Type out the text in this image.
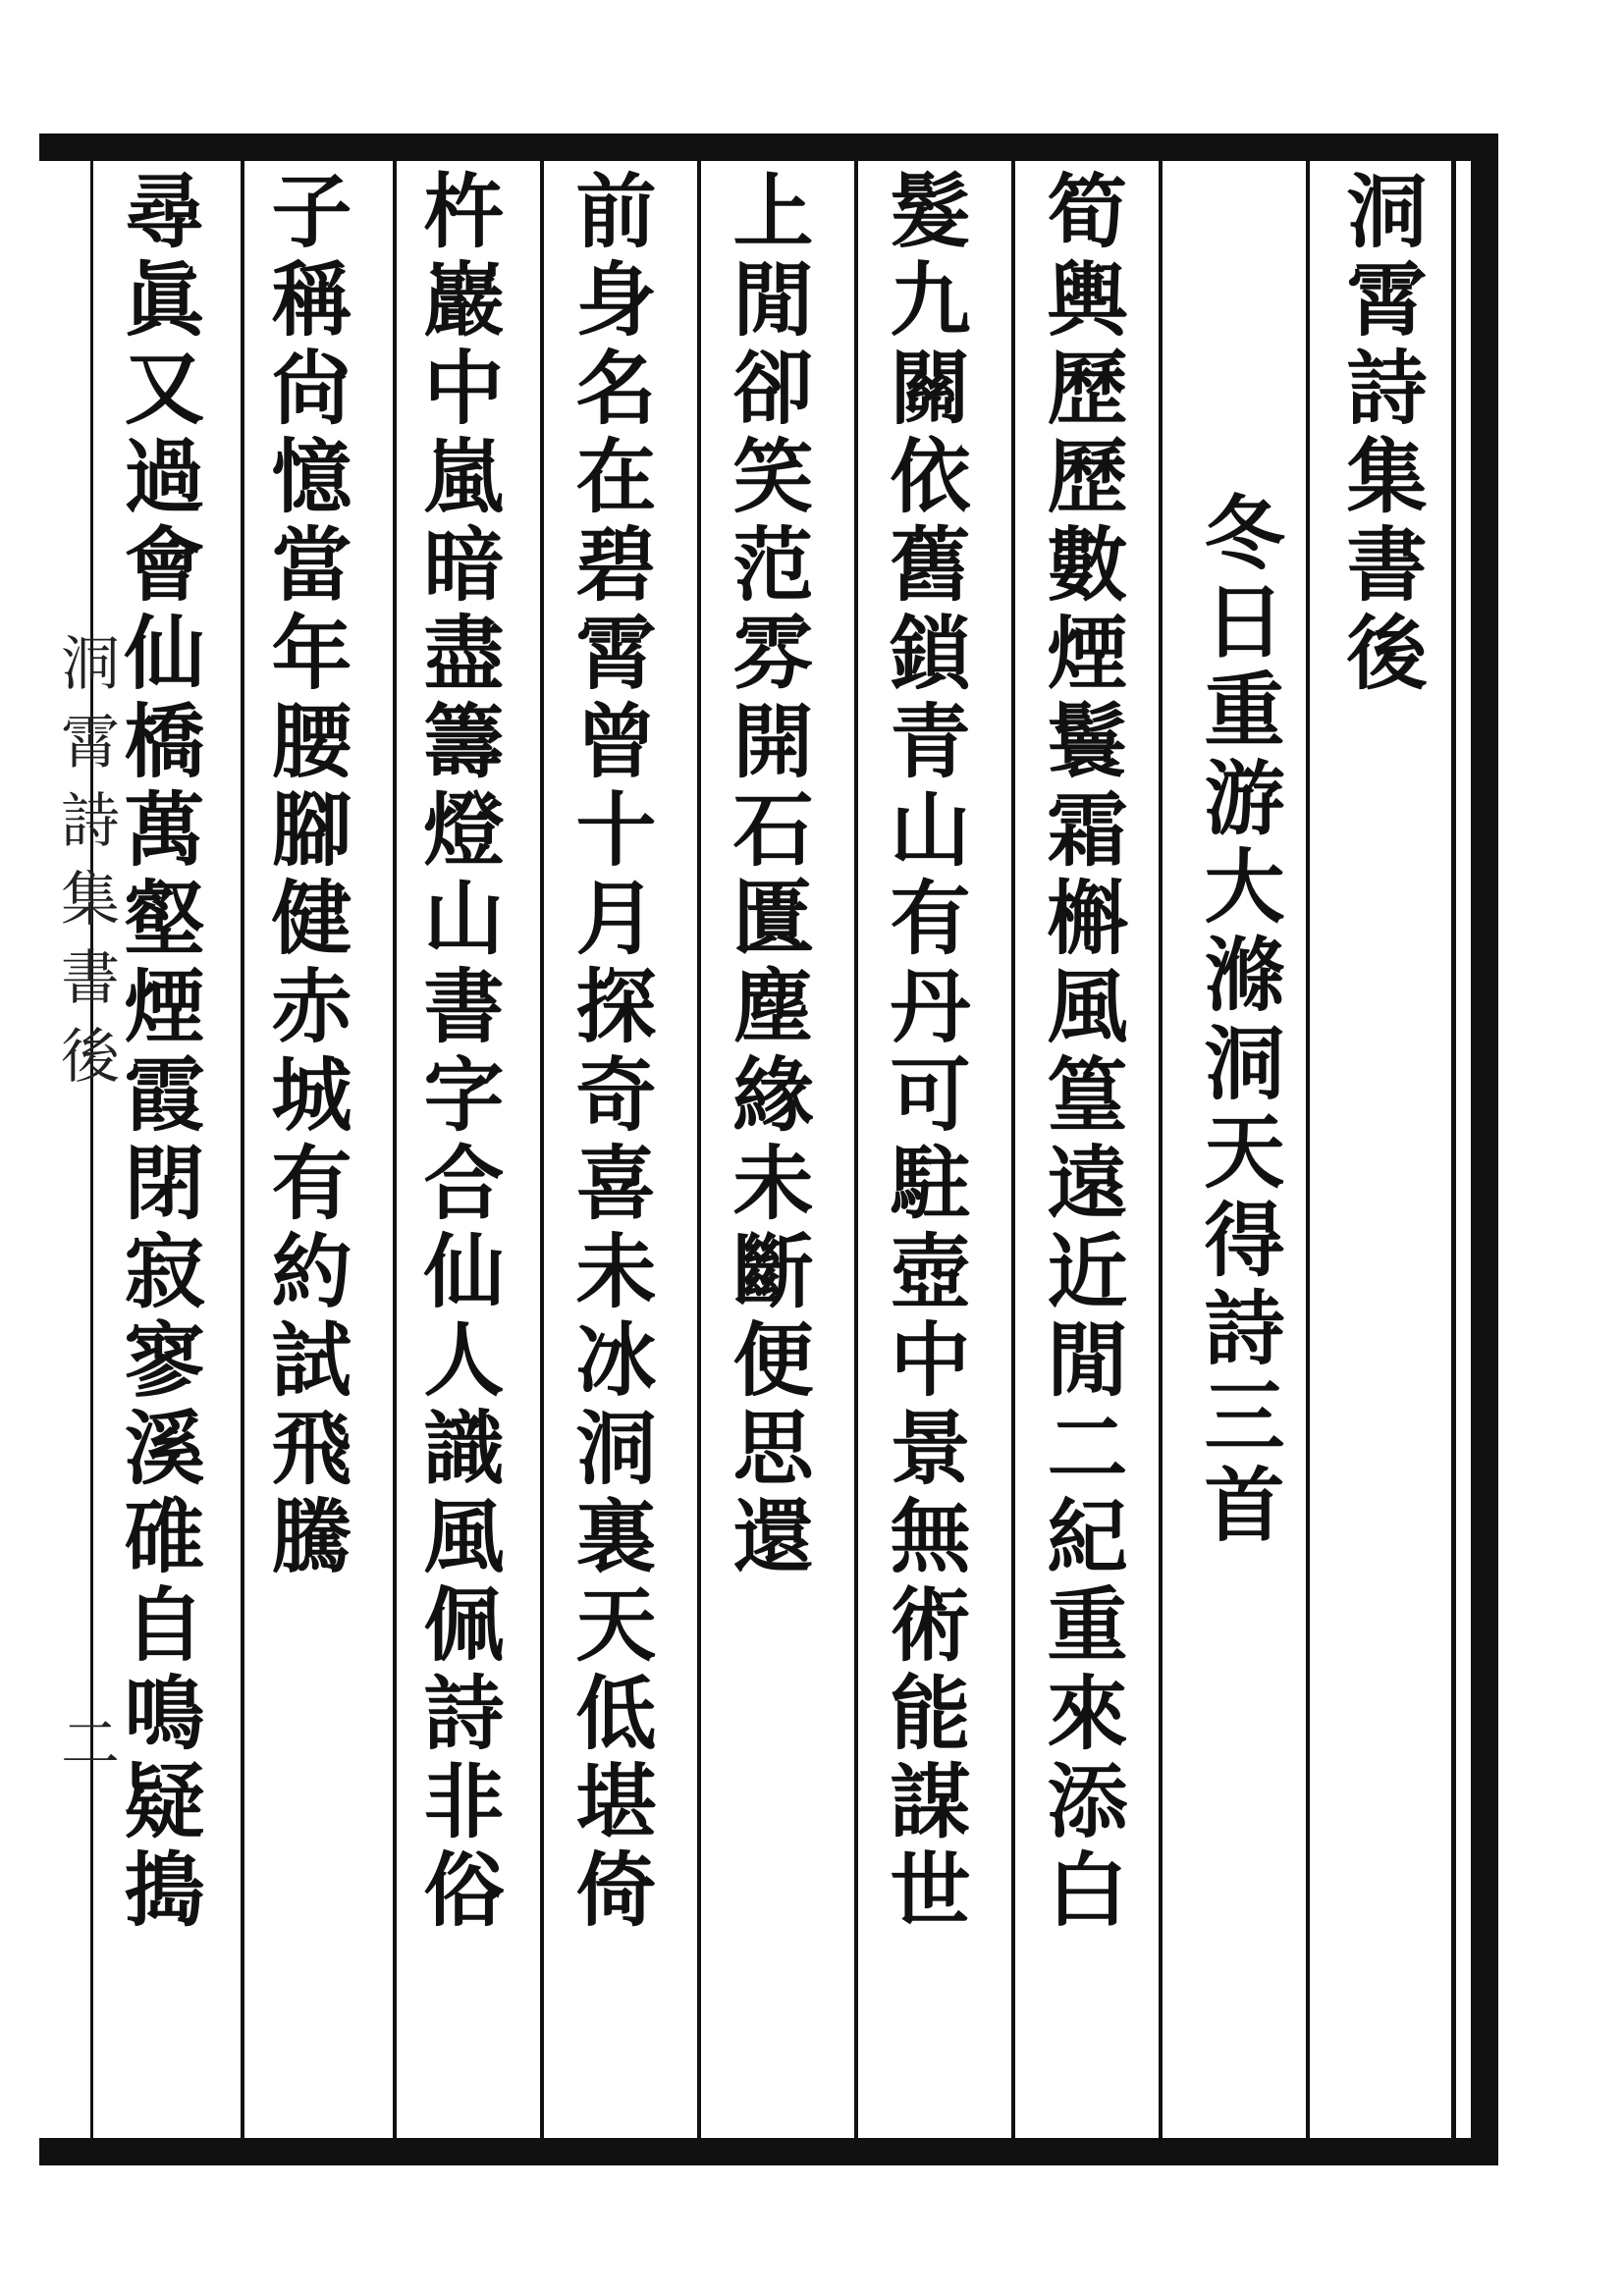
洞霄詩集書後
冬日重游大滌洞天得詩三首
筍輿歷歷數煙鬟霜槲風篁遠近閒二紀重來添白
髮九關依舊鎖青山有丹可駐壺中景無術能謀世
上閒卻笑范雰開石匱塵緣未斷便思還
前身名在碧霄曾十月探奇喜未冰洞裏天低堪倚
杵巖中嵐暗盡籌燈山書字合仙人識風佩詩非俗
子稱尙憶當年腰腳健赤城有約試飛騰
尋眞又過會仙橋萬壑煙霞閉寂寥溪碓自鳴疑搗
洞霄詩集書後
二
